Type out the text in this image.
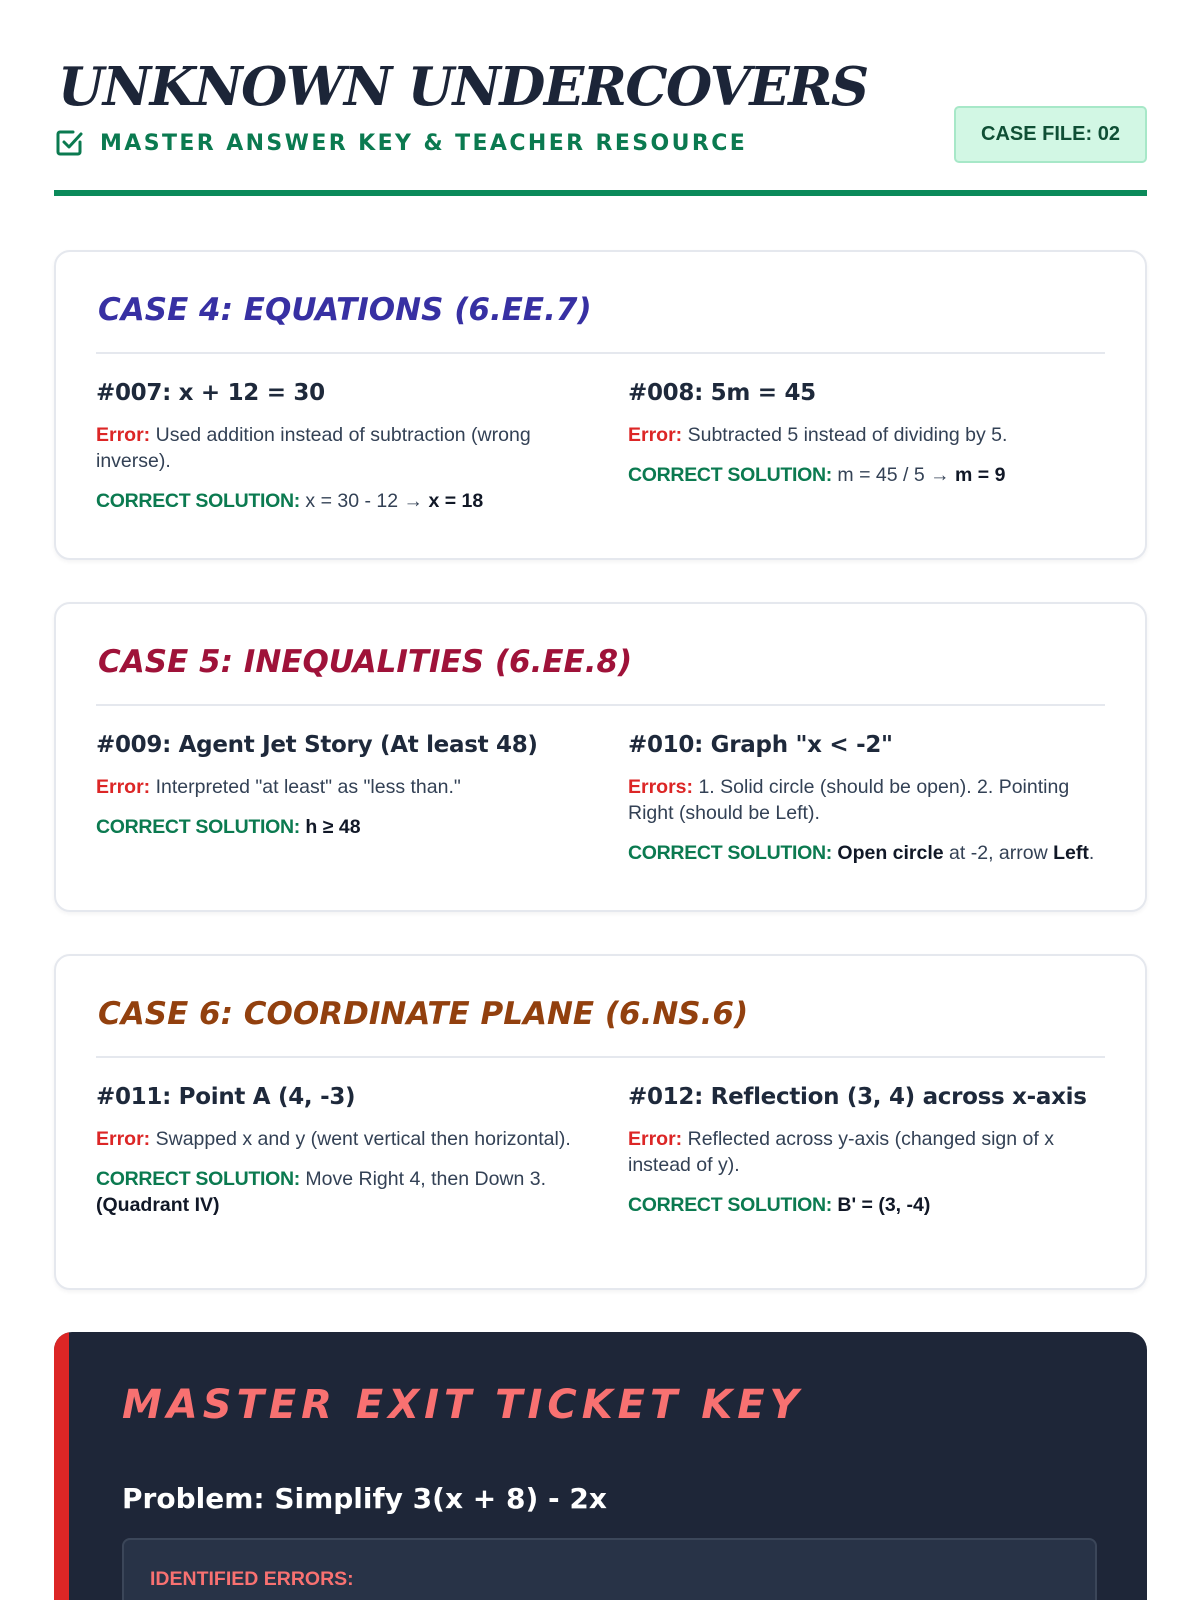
UNKNOWN UNDERCOVERS
MASTER ANSWER KEY & TEACHER RESOURCE	CASE FILE: 02
CASE 4: EQUATIONS (6.EE.7)
#007: x + 12 = 30
Error: Used addition instead of subtraction (wrong inverse).
CORRECT SOLUTION: x = 30 - 12 → x = 18
#008: 5m = 45
Error: Subtracted 5 instead of dividing by 5.
CORRECT SOLUTION: m = 45 / 5 → m = 9
CASE 5: INEQUALITIES (6.EE.8)
#009: Agent Jet Story (At least 48)
Error: Interpreted "at least" as "less than."
CORRECT SOLUTION: h ≥ 48
#010: Graph "x < -2"
Errors: 1. Solid circle (should be open). 2. Pointing Right (should be Left).
CORRECT SOLUTION: Open circle at -2, arrow Left.
CASE 6: COORDINATE PLANE (6.NS.6)
#011: Point A (4, -3)
Error: Swapped x and y (went vertical then horizontal).
CORRECT SOLUTION: Move Right 4, then Down 3. (Quadrant IV)
#012: Reflection (3, 4) across x-axis
Error: Reflected across y-axis (changed sign of x instead of y).
CORRECT SOLUTION: B' = (3, -4)
MASTER EXIT TICKET KEY
Problem: Simplify 3(x + 8) - 2x
IDENTIFIED ERRORS:
